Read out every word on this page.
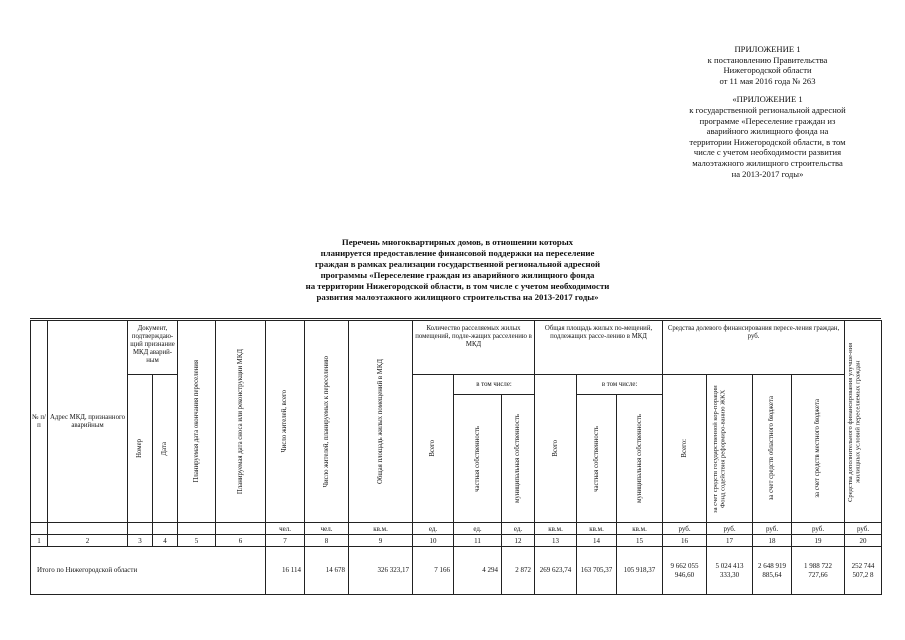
ПРИЛОЖЕНИЕ 1
к постановлению Правительства
Нижегородской области
от 11 мая 2016 года № 263
«ПРИЛОЖЕНИЕ 1
к государственной региональной адресной
программе «Переселение граждан из
аварийного жилищного фонда на
территории Нижегородской области, в том
числе с учетом необходимости развития
малоэтажного жилищного строительства
на 2013-2017 годы»
Перечень многоквартирных домов, в отношении которых
планируется предоставление финансовой поддержки на переселение
граждан в рамках реализации государственной региональной адресной
программы «Переселение граждан из аварийного жилищного фонда
на территории Нижегородской области, в том числе с учетом необходимости
развития малоэтажного жилищного строительства на 2013-2017 годы»
№ п/ п	Адрес МКД, признанного аварийным	Документ, подтверждаю-щий признание МКД аварий-ным		Планируемая дата окончания переселения	Планируемая дата сноса или реконструкции МКД	Число жителей, всего	Число жителей, планируемых к переселению	Общая площадь жилых помещений в МКД	Количество расселяемых жилых помещений, подле-жащих расселению в МКД			Общая площадь жилых по-мещений, подлежащих рассе-лению в МКД			Средства долевого финансирования пересе-ления граждан, руб.				Средства дополнительного финансирования улучше-ния жилищных условий переселяемых граждан

		Номер	Дата						Всего	в том числе:		Всего	в том числе:		Всего:	за счет средств государственной кор-порации Фонд содействия реформиро-ванию ЖКХ	за счет средств областного бюджета	за счет средств местного бюджета	

										частная собственность	муниципальная собственность		частная собственность	муниципальная собственность					

						чел.	чел.	кв.м.	ед.	ед.	ед.	кв.м.	кв.м.	кв.м.	руб.	руб.	руб.	руб.	руб.
1	2	3	4	5	6	7	8	9	10	11	12	13	14	15	16	17	18	19	20
Итого по Нижегородской области						16 114	14 678	326 323,17	7 166	4 294	2 872	269 623,74	163 705,37	105 918,37	9 662 055 946,60	5 024 413 333,30	2 648 919 885,64	1 988 722 727,66	252 744 507,2 8
